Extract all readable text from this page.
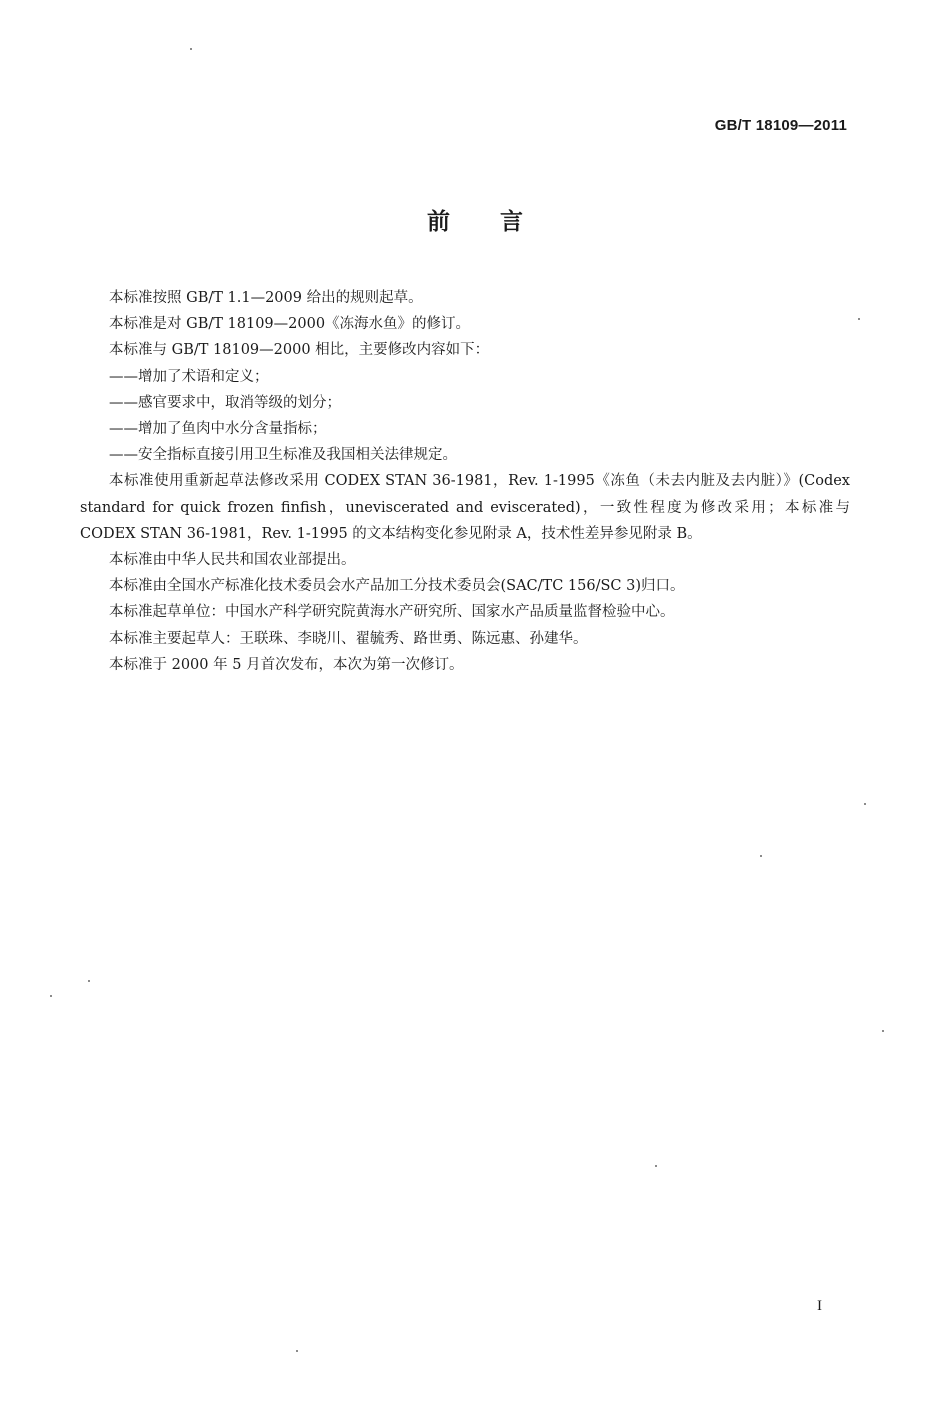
GB/T 18109—2011
前言

本标准按照 GB/T 1.1—2009 给出的规则起草。

本标准是对 GB/T 18109—2000《冻海水鱼》的修订。

本标准与 GB/T 18109—2000 相比，主要修改内容如下：

——增加了术语和定义；

——感官要求中，取消等级的划分；

——增加了鱼肉中水分含量指标；

——安全指标直接引用卫生标准及我国相关法律规定。

本标准使用重新起草法修改采用 CODEX STAN 36-1981，Rev. 1-1995《冻鱼（未去内脏及去内脏）》(Codex standard for quick frozen finfish，uneviscerated and eviscerated)，一致性程度为修改采用；本标准与 CODEX STAN 36-1981，Rev. 1-1995 的文本结构变化参见附录 A，技术性差异参见附录 B。

本标准由中华人民共和国农业部提出。

本标准由全国水产标准化技术委员会水产品加工分技术委员会(SAC/TC 156/SC 3)归口。

本标准起草单位：中国水产科学研究院黄海水产研究所、国家水产品质量监督检验中心。

本标准主要起草人：王联珠、李晓川、翟毓秀、路世勇、陈远惠、孙建华。

本标准于 2000 年 5 月首次发布，本次为第一次修订。

I
